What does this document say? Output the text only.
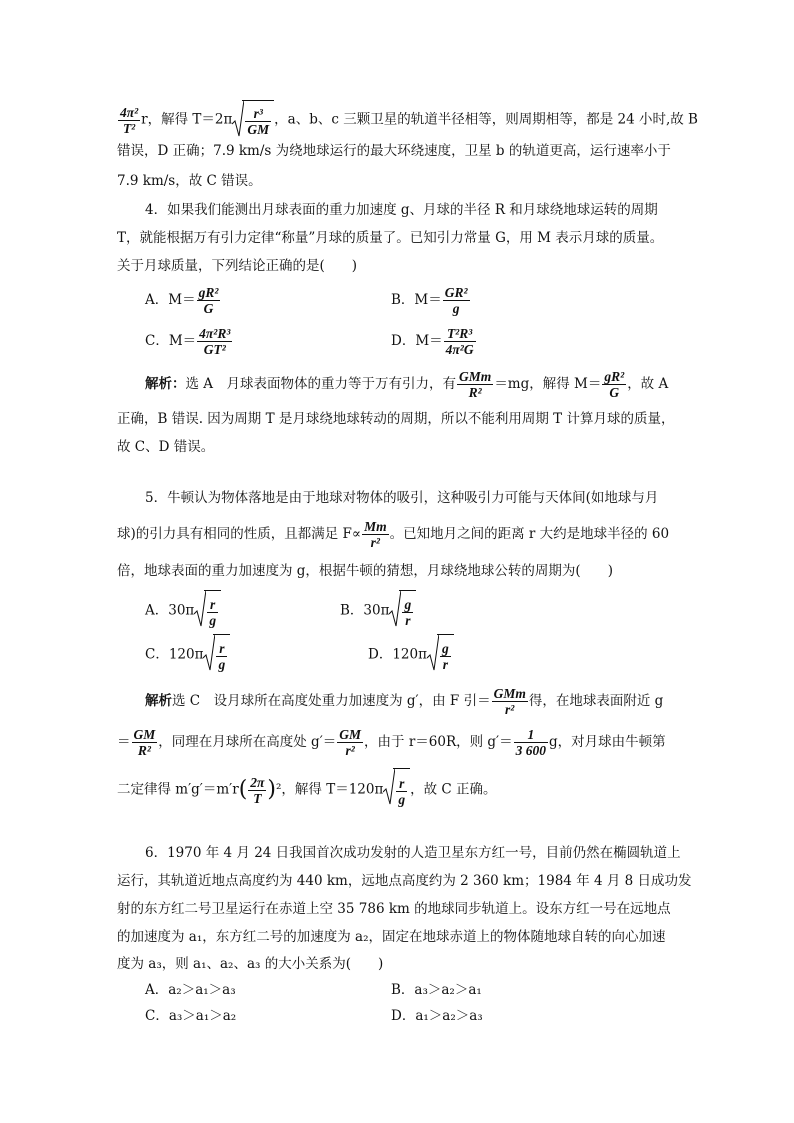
$\frac{\text{4π²}}{\text{T²}}$ r，解得 $T=2\pi \frac{\text{r³}}{GM}$ ，a、b、c 三颗卫星的轨道半径相等，则周期相等，都是 24 小时,故 B
错误，D 正确；7.9 km/s 为绕地球运行的最大环绕速度，卫星 b 的轨道更高，运行速率小于
7.9 km/s，故 C 错误。
4．如果我们能测出月球表面的重力加速度 g、月球的半径 R 和月球绕地球运转的周期
T，就能根据万有引力定律“称量”月球的质量了。已知引力常量 G，用 M 表示月球的质量。
关于月球质量，下列结论正确的是(　　)
A．$M= \frac{\text{gR²}}{G}$	B．$M= \frac{\text{GR²}}{g}$
C．$M= \frac{\text{4π²R³}}{\text{GT²}}$	D．$M= \frac{\text{T²R³}}{\text{4π²G}}$
解析：选 A　月球表面物体的重力等于万有引力，有 $\frac{\text{GMm}}{\text{R²}} =mg$，解得 $M= \frac{\text{gR²}}{G}$ ，故 A
正确，B 错误. 因为周期 T 是月球绕地球转动的周期，所以不能利用周期 T 计算月球的质量，
故 C、D 错误。
5．牛顿认为物体落地是由于地球对物体的吸引，这种吸引力可能与天体间(如地球与月
球)的引力具有相同的性质，且都满足 $F\propto \frac{Mm}{\text{r²}}$ 。已知地月之间的距离 r 大约是地球半径的 60
倍，地球表面的重力加速度为 g，根据牛顿的猜想，月球绕地球公转的周期为(　　)
A．$30\pi \frac{r}{g}$	B．$30\pi \frac{g}{r}$
C．$120\pi \frac{r}{g}$	D．$120\pi \frac{g}{r}$
解析选 C　设月球所在高度处重力加速度为 g′，由 F 引＝ $\frac{\text{GMm}}{\text{r²}}$ 得，在地球表面附近 g
＝ $\frac{GM}{\text{R²}}$ ，同理在月球所在高度处 $g'= \frac{GM}{\text{r²}}$ ，由于 r＝60R，则 $g'= \frac{1}{3 600}$ g，对月球由牛顿第
二定律得 $m'g'=m'r( \frac{2\pi}{T} )^2$，解得 $T=120\pi \frac{r}{g}$ ，故 C 正确。
6．1970 年 4 月 24 日我国首次成功发射的人造卫星东方红一号，目前仍然在椭圆轨道上
运行，其轨道近地点高度约为 440 km，远地点高度约为 2 360 km；1984 年 4 月 8 日成功发
射的东方红二号卫星运行在赤道上空 35 786 km 的地球同步轨道上。设东方红一号在远地点
的加速度为 a₁，东方红二号的加速度为 a₂，固定在地球赤道上的物体随地球自转的向心加速
度为 a₃，则 a₁、a₂、a₃ 的大小关系为(　　)
A．a₂＞a₁＞a₃	B．a₃＞a₂＞a₁
C．a₃＞a₁＞a₂	D．a₁＞a₂＞a₃
